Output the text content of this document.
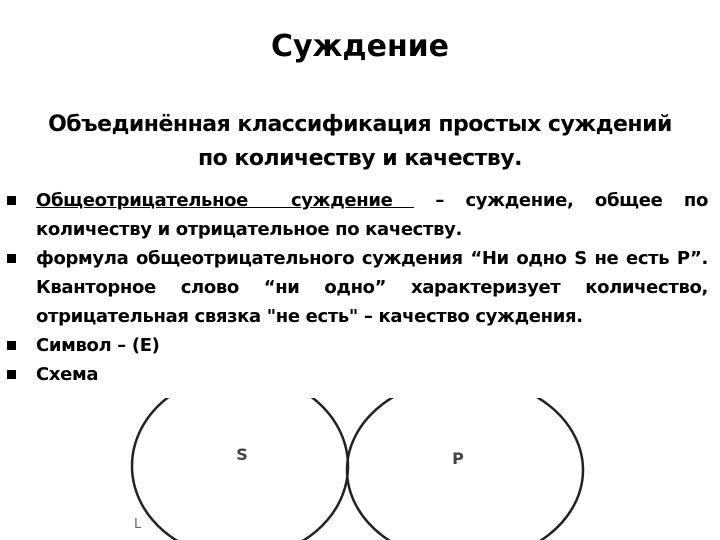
Суждение
Объединённая классификация простых суждений
по количеству и качеству.
Общеотрицательное суждение – суждение, общее по количеству и отрицательное по качеству.
формула общеотрицательного суждения “Ни одно S не есть P”. Кванторное слово “ни одно” характеризует количество, отрицательная связка "не есть" – качество суждения.
Символ – (Е)
Схема
S	P
L
